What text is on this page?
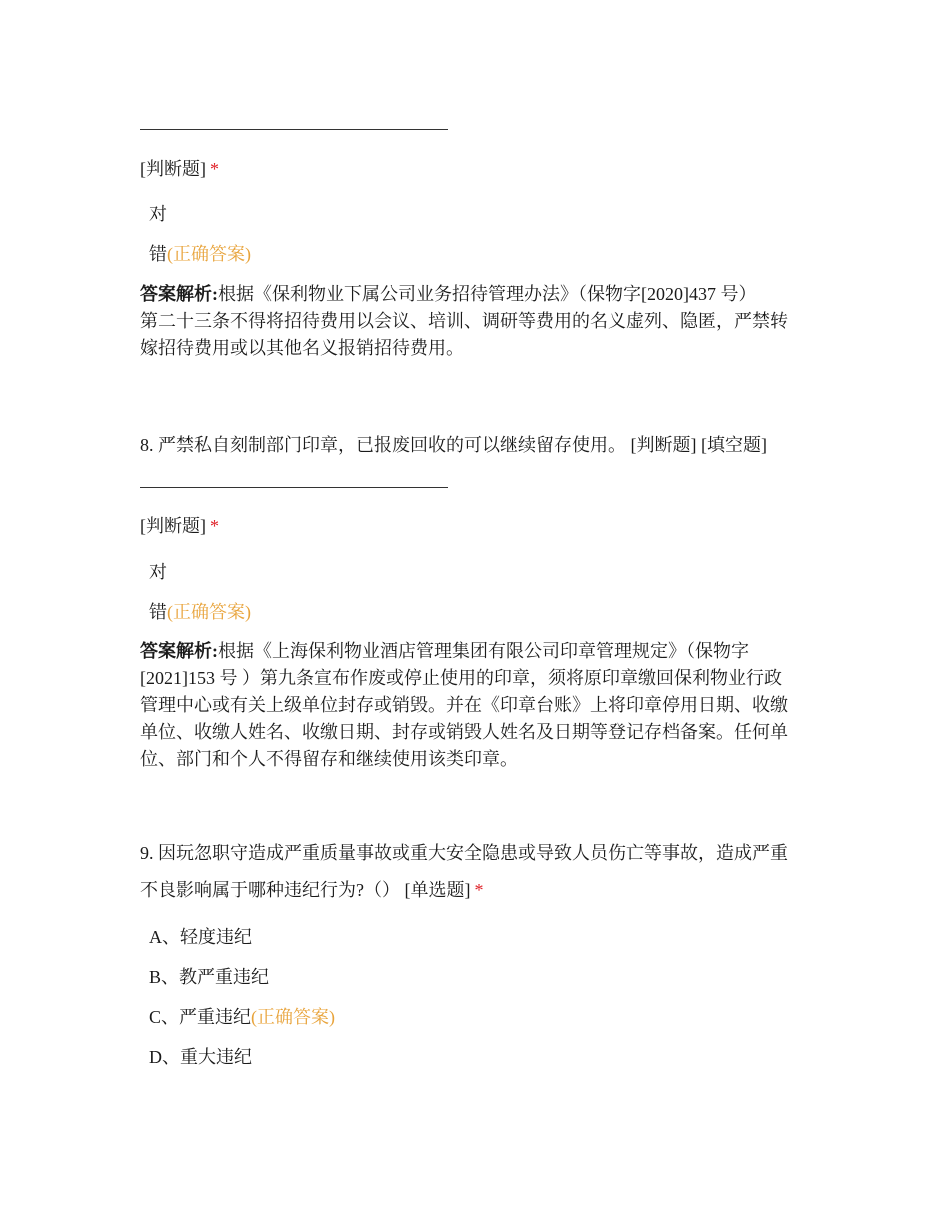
[判断题] *
对
错(正确答案)
答案解析:根据《保利物业下属公司业务招待管理办法》（保物字[2020]437 号）
第二十三条不得将招待费用以会议、培训、调研等费用的名义虚列、隐匿，严禁转
嫁招待费用或以其他名义报销招待费用。
8. 严禁私自刻制部门印章，已报废回收的可以继续留存使用。 [判断题] [填空题]
[判断题] *
对
错(正确答案)
答案解析:根据《上海保利物业酒店管理集团有限公司印章管理规定》（保物字
[2021]153 号 ）第九条宣布作废或停止使用的印章，须将原印章缴回保利物业行政
管理中心或有关上级单位封存或销毁。并在《印章台账》上将印章停用日期、收缴
单位、收缴人姓名、收缴日期、封存或销毁人姓名及日期等登记存档备案。任何单
位、部门和个人不得留存和继续使用该类印章。
9. 因玩忽职守造成严重质量事故或重大安全隐患或导致人员伤亡等事故，造成严重
不良影响属于哪种违纪行为?（） [单选题] *
A、轻度违纪
B、教严重违纪
C、严重违纪(正确答案)
D、重大违纪
